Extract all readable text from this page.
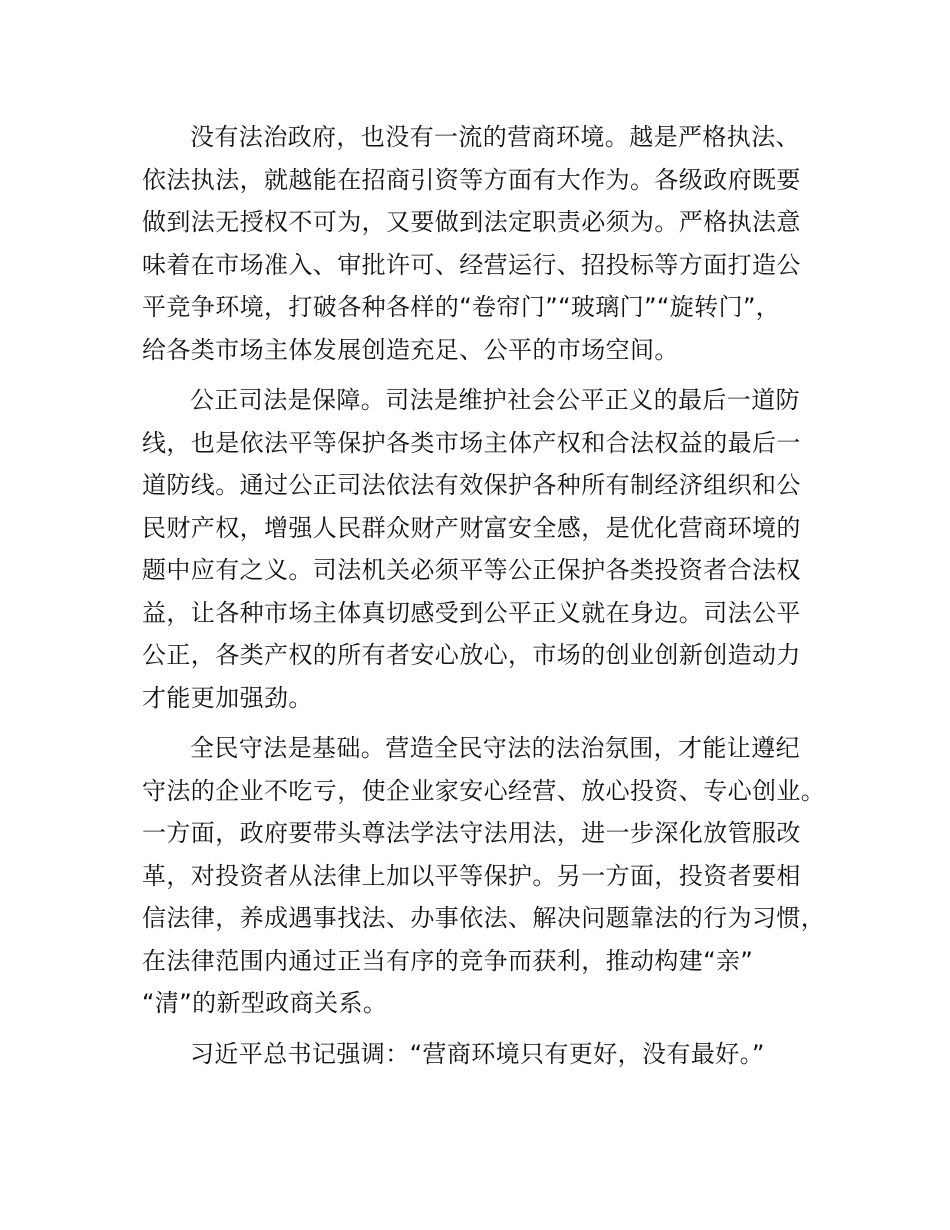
没有法治政府，也没有一流的营商环境。越是严格执法、
依法执法，就越能在招商引资等方面有大作为。各级政府既要
做到法无授权不可为，又要做到法定职责必须为。严格执法意
味着在市场准入、审批许可、经营运行、招投标等方面打造公
平竞争环境，打破各种各样的“卷帘门”“玻璃门”“旋转门”，
给各类市场主体发展创造充足、公平的市场空间。
公正司法是保障。司法是维护社会公平正义的最后一道防
线，也是依法平等保护各类市场主体产权和合法权益的最后一
道防线。通过公正司法依法有效保护各种所有制经济组织和公
民财产权，增强人民群众财产财富安全感，是优化营商环境的
题中应有之义。司法机关必须平等公正保护各类投资者合法权
益，让各种市场主体真切感受到公平正义就在身边。司法公平
公正，各类产权的所有者安心放心，市场的创业创新创造动力
才能更加强劲。
全民守法是基础。营造全民守法的法治氛围，才能让遵纪
守法的企业不吃亏，使企业家安心经营、放心投资、专心创业。
一方面，政府要带头尊法学法守法用法，进一步深化放管服改
革，对投资者从法律上加以平等保护。另一方面，投资者要相
信法律，养成遇事找法、办事依法、解决问题靠法的行为习惯，
在法律范围内通过正当有序的竞争而获利，推动构建“亲”
“清”的新型政商关系。
习近平总书记强调：“营商环境只有更好，没有最好。”
